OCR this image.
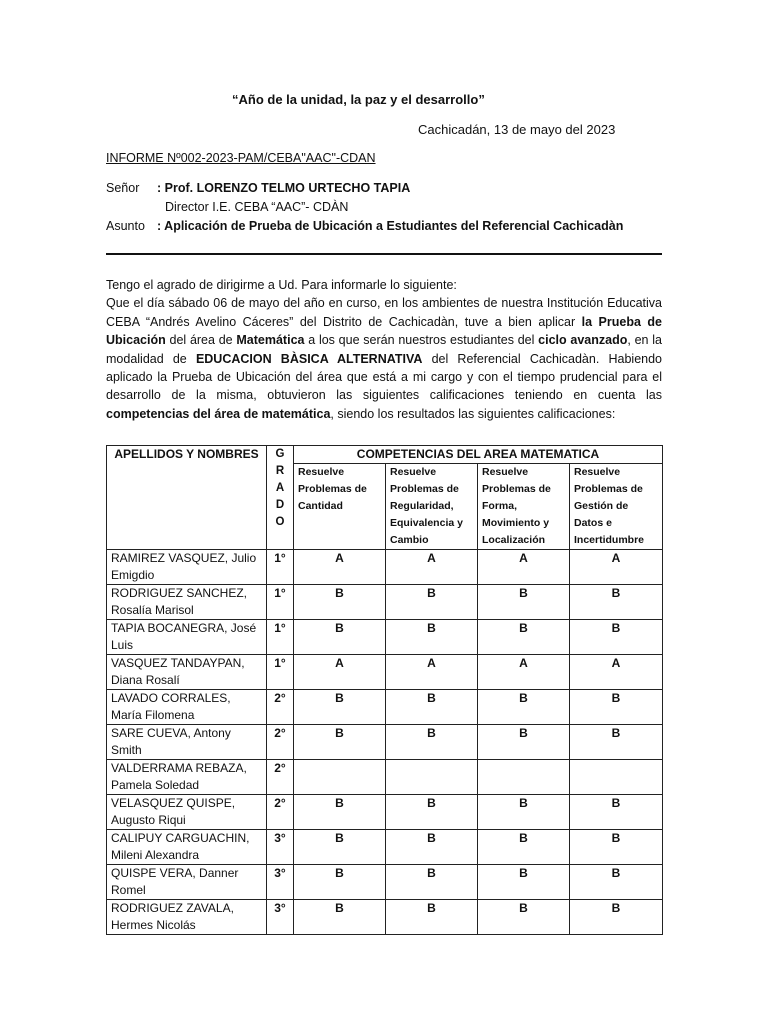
“Año de la unidad, la paz y el desarrollo”
Cachicadán, 13 de mayo del 2023
INFORME Nº002-2023-PAM/CEBA"AAC"-CDAN
Señor : Prof. LORENZO TELMO URTECHO TAPIA
Director I.E. CEBA “AAC”- CDÀN
Asunto : Aplicación de Prueba de Ubicación a Estudiantes del Referencial Cachicadàn

Tengo el agrado de dirigirme a Ud. Para informarle lo siguiente:

Que el día sábado 06 de mayo del año en curso, en los ambientes de nuestra Institución Educativa CEBA “Andrés Avelino Cáceres” del Distrito de Cachicadàn, tuve a bien aplicar la Prueba de Ubicación del área de Matemática a los que serán nuestros estudiantes del ciclo avanzado, en la modalidad de EDUCACION BÀSICA ALTERNATIVA del Referencial Cachicadàn. Habiendo aplicado la Prueba de Ubicación del área que está a mi cargo y con el tiempo prudencial para el desarrollo de la misma, obtuvieron las siguientes calificaciones teniendo en cuenta las competencias del área de matemática, siendo los resultados las siguientes calificaciones:

APELLIDOS Y NOMBRES	G
R
A
D
O	COMPETENCIAS DEL AREA MATEMATICA			
		Resuelve Problemas de Cantidad	Resuelve Problemas de Regularidad, Equivalencia y Cambio	Resuelve Problemas de Forma, Movimiento y Localización	Resuelve Problemas de Gestión de Datos e Incertidumbre
RAMIREZ VASQUEZ, Julio Emigdio	1°	A	A	A	A
RODRIGUEZ SANCHEZ, Rosalía Marisol	1°	B	B	B	B
TAPIA BOCANEGRA, José Luis	1°	B	B	B	B
VASQUEZ TANDAYPAN, Diana Rosalí	1°	A	A	A	A
LAVADO CORRALES, María Filomena	2°	B	B	B	B
SARE CUEVA, Antony Smith	2°	B	B	B	B
VALDERRAMA REBAZA, Pamela Soledad	2°				
VELASQUEZ QUISPE, Augusto Riqui	2°	B	B	B	B
CALIPUY CARGUACHIN, Mileni Alexandra	3°	B	B	B	B
QUISPE VERA, Danner Romel	3°	B	B	B	B
RODRIGUEZ ZAVALA, Hermes Nicolás	3°	B	B	B	B
